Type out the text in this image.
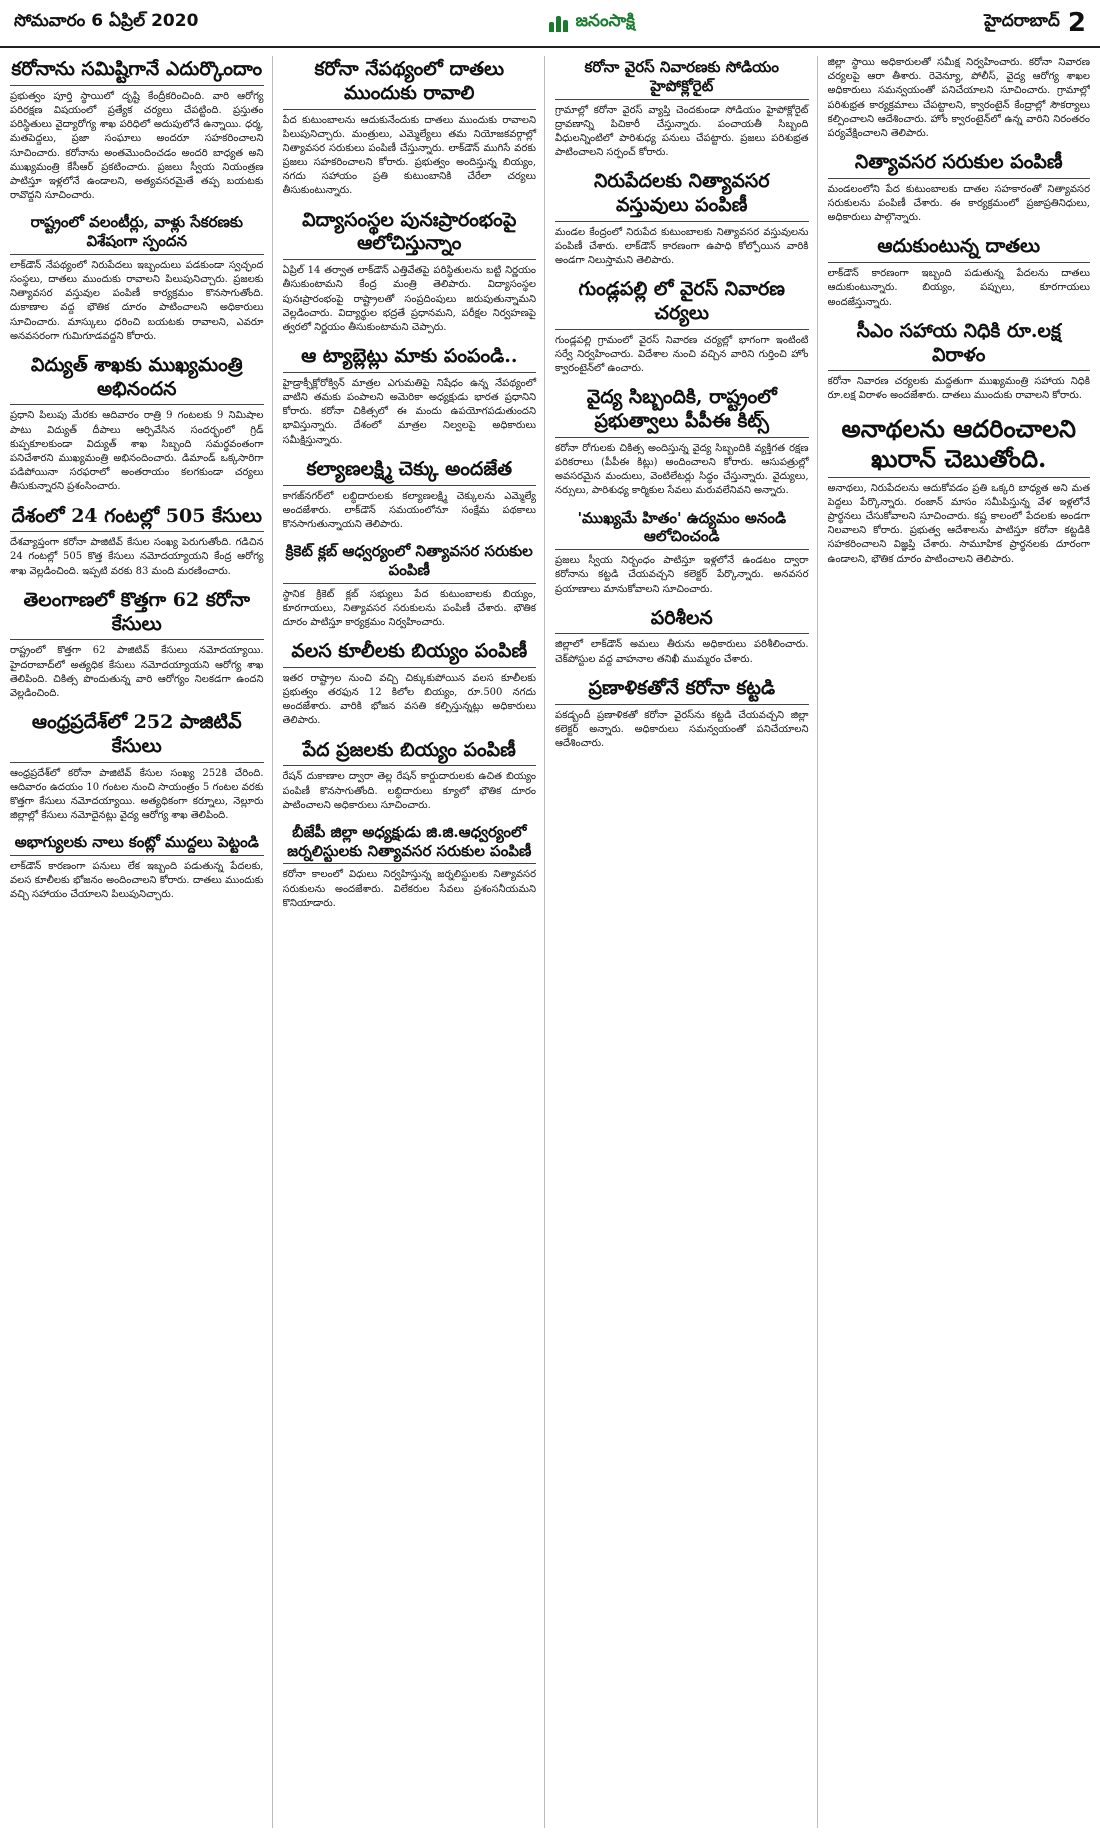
సోమవారం 6 ఏప్రిల్ 2020	జనంసాక్షి	హైదరాబాద్ 2
కరోనాను సమిష్టిగానే ఎదుర్కొందాం

ప్రభుత్వం పూర్తి స్థాయిలో దృష్టి కేంద్రీకరించింది. వారి ఆరోగ్య పరిరక్షణ విషయంలో ప్రత్యేక చర్యలు చేపట్టింది. ప్రస్తుతం పరిస్థితులు వైద్యారోగ్య శాఖ పరిధిలో అదుపులోనే ఉన్నాయి. ధర్మ, మతపెద్దలు, ప్రజా సంఘాలు అందరూ సహకరించాలని సూచించారు. కరోనాను అంతమొందించడం అందరి బాధ్యత అని ముఖ్యమంత్రి కేసీఆర్ ప్రకటించారు. ప్రజలు స్వీయ నియంత్రణ పాటిస్తూ ఇళ్లలోనే ఉండాలని, అత్యవసరమైతే తప్ప బయటకు రావొద్దని సూచించారు.

రాష్ట్రంలో వలంటీర్లు, వాళ్లు సేకరణకు విశేషంగా స్పందన

లాక్‌డౌన్ నేపథ్యంలో నిరుపేదలు ఇబ్బందులు పడకుండా స్వచ్ఛంద సంస్థలు, దాతలు ముందుకు రావాలని పిలుపునిచ్చారు. ప్రజలకు నిత్యావసర వస్తువుల పంపిణీ కార్యక్రమం కొనసాగుతోంది. దుకాణాల వద్ద భౌతిక దూరం పాటించాలని అధికారులు సూచించారు. మాస్కులు ధరించి బయటకు రావాలని, ఎవరూ అనవసరంగా గుమిగూడవద్దని కోరారు.

విద్యుత్ శాఖకు ముఖ్యమంత్రి అభినందన

ప్రధాని పిలుపు మేరకు ఆదివారం రాత్రి 9 గంటలకు 9 నిమిషాల పాటు విద్యుత్ దీపాలు ఆర్పివేసిన సందర్భంలో గ్రిడ్ కుప్పకూలకుండా విద్యుత్ శాఖ సిబ్బంది సమర్థవంతంగా పనిచేశారని ముఖ్యమంత్రి అభినందించారు. డిమాండ్ ఒక్కసారిగా పడిపోయినా సరఫరాలో అంతరాయం కలగకుండా చర్యలు తీసుకున్నారని ప్రశంసించారు.

దేశంలో 24 గంటల్లో 505 కేసులు

దేశవ్యాప్తంగా కరోనా పాజిటివ్ కేసుల సంఖ్య పెరుగుతోంది. గడిచిన 24 గంటల్లో 505 కొత్త కేసులు నమోదయ్యాయని కేంద్ర ఆరోగ్య శాఖ వెల్లడించింది. ఇప్పటి వరకు 83 మంది మరణించారు.

తెలంగాణలో కొత్తగా 62 కరోనా కేసులు

రాష్ట్రంలో కొత్తగా 62 పాజిటివ్ కేసులు నమోదయ్యాయి. హైదరాబాద్‌లో అత్యధిక కేసులు నమోదయ్యాయని ఆరోగ్య శాఖ తెలిపింది. చికిత్స పొందుతున్న వారి ఆరోగ్యం నిలకడగా ఉందని వెల్లడించింది.

ఆంధ్రప్రదేశ్‌లో 252 పాజిటివ్ కేసులు

ఆంధ్రప్రదేశ్‌లో కరోనా పాజిటివ్ కేసుల సంఖ్య 252కి చేరింది. ఆదివారం ఉదయం 10 గంటల నుంచి సాయంత్రం 5 గంటల వరకు కొత్తగా కేసులు నమోదయ్యాయి. అత్యధికంగా కర్నూలు, నెల్లూరు జిల్లాల్లో కేసులు నమోదైనట్లు వైద్య ఆరోగ్య శాఖ తెలిపింది.

అభాగ్యులకు నాలు కంట్లో ముద్దలు పెట్టండి

లాక్‌డౌన్ కారణంగా పనులు లేక ఇబ్బంది పడుతున్న పేదలకు, వలస కూలీలకు భోజనం అందించాలని కోరారు. దాతలు ముందుకు వచ్చి సహాయం చేయాలని పిలుపునిచ్చారు.

కరోనా నేపథ్యంలో దాతలు ముందుకు రావాలి

పేద కుటుంబాలను ఆదుకునేందుకు దాతలు ముందుకు రావాలని పిలుపునిచ్చారు. మంత్రులు, ఎమ్మెల్యేలు తమ నియోజకవర్గాల్లో నిత్యావసర సరుకులు పంపిణీ చేస్తున్నారు. లాక్‌డౌన్ ముగిసే వరకు ప్రజలు సహకరించాలని కోరారు. ప్రభుత్వం అందిస్తున్న బియ్యం, నగదు సహాయం ప్రతి కుటుంబానికి చేరేలా చర్యలు తీసుకుంటున్నారు.

విద్యాసంస్థల పునఃప్రారంభంపై ఆలోచిస్తున్నాం

ఏప్రిల్ 14 తర్వాత లాక్‌డౌన్ ఎత్తివేతపై పరిస్థితులను బట్టి నిర్ణయం తీసుకుంటామని కేంద్ర మంత్రి తెలిపారు. విద్యాసంస్థల పునఃప్రారంభంపై రాష్ట్రాలతో సంప్రదింపులు జరుపుతున్నామని వెల్లడించారు. విద్యార్థుల భద్రతే ప్రధానమని, పరీక్షల నిర్వహణపై త్వరలో నిర్ణయం తీసుకుంటామని చెప్పారు.

ఆ ట్యాబ్లెట్లు మాకు పంపండి..

హైడ్రాక్సీక్లోరోక్విన్ మాత్రల ఎగుమతిపై నిషేధం ఉన్న నేపథ్యంలో వాటిని తమకు పంపాలని అమెరికా అధ్యక్షుడు భారత ప్రధానిని కోరారు. కరోనా చికిత్సలో ఈ మందు ఉపయోగపడుతుందని భావిస్తున్నారు. దేశంలో మాత్రల నిల్వలపై అధికారులు సమీక్షిస్తున్నారు.

కల్యాణలక్ష్మి చెక్కు అందజేత

కాగజ్‌నగర్‌లో లబ్ధిదారులకు కల్యాణలక్ష్మి చెక్కులను ఎమ్మెల్యే అందజేశారు. లాక్‌డౌన్ సమయంలోనూ సంక్షేమ పథకాలు కొనసాగుతున్నాయని తెలిపారు.

క్రికెట్ క్లబ్ ఆధ్వర్యంలో నిత్యావసర సరుకుల పంపిణీ

స్థానిక క్రికెట్ క్లబ్ సభ్యులు పేద కుటుంబాలకు బియ్యం, కూరగాయలు, నిత్యావసర సరుకులను పంపిణీ చేశారు. భౌతిక దూరం పాటిస్తూ కార్యక్రమం నిర్వహించారు.

వలస కూలీలకు బియ్యం పంపిణీ

ఇతర రాష్ట్రాల నుంచి వచ్చి చిక్కుకుపోయిన వలస కూలీలకు ప్రభుత్వం తరఫున 12 కిలోల బియ్యం, రూ.500 నగదు అందజేశారు. వారికి భోజన వసతి కల్పిస్తున్నట్లు అధికారులు తెలిపారు.

పేద ప్రజలకు బియ్యం పంపిణీ

రేషన్ దుకాణాల ద్వారా తెల్ల రేషన్ కార్డుదారులకు ఉచిత బియ్యం పంపిణీ కొనసాగుతోంది. లబ్ధిదారులు క్యూలో భౌతిక దూరం పాటించాలని అధికారులు సూచించారు.

బీజేపీ జిల్లా అధ్యక్షుడు జి.జి.ఆధ్వర్యంలో జర్నలిస్టులకు నిత్యావసర సరుకుల పంపిణీ

కరోనా కాలంలో విధులు నిర్వహిస్తున్న జర్నలిస్టులకు నిత్యావసర సరుకులను అందజేశారు. విలేకరుల సేవలు ప్రశంసనీయమని కొనియాడారు.

కరోనా వైరస్ నివారణకు సోడియం హైపోక్లోరైట్

గ్రామాల్లో కరోనా వైరస్ వ్యాప్తి చెందకుండా సోడియం హైపోక్లోరైట్ ద్రావణాన్ని పిచికారీ చేస్తున్నారు. పంచాయతీ సిబ్బంది వీధులన్నింటిలో పారిశుధ్య పనులు చేపట్టారు. ప్రజలు పరిశుభ్రత పాటించాలని సర్పంచ్ కోరారు.

నిరుపేదలకు నిత్యావసర వస్తువులు పంపిణీ

మండల కేంద్రంలో నిరుపేద కుటుంబాలకు నిత్యావసర వస్తువులను పంపిణీ చేశారు. లాక్‌డౌన్ కారణంగా ఉపాధి కోల్పోయిన వారికి అండగా నిలుస్తామని తెలిపారు.

గుండ్లపల్లి లో వైరస్ నివారణ చర్యలు

గుండ్లపల్లి గ్రామంలో వైరస్ నివారణ చర్యల్లో భాగంగా ఇంటింటి సర్వే నిర్వహించారు. విదేశాల నుంచి వచ్చిన వారిని గుర్తించి హోం క్వారంటైన్‌లో ఉంచారు.

వైద్య సిబ్బందికి, రాష్ట్రంలో ప్రభుత్వాలు పీపీఈ కిట్స్

కరోనా రోగులకు చికిత్స అందిస్తున్న వైద్య సిబ్బందికి వ్యక్తిగత రక్షణ పరికరాలు (పీపీఈ కిట్లు) అందించాలని కోరారు. ఆసుపత్రుల్లో అవసరమైన మందులు, వెంటిలేటర్లు సిద్ధం చేస్తున్నారు. వైద్యులు, నర్సులు, పారిశుధ్య కార్మికుల సేవలు మరువలేనివని అన్నారు.

'ముఖ్యమే హితం' ఉద్యమం అనండి ఆలోచించండి

ప్రజలు స్వీయ నిర్బంధం పాటిస్తూ ఇళ్లలోనే ఉండటం ద్వారా కరోనాను కట్టడి చేయవచ్చని కలెక్టర్ పేర్కొన్నారు. అనవసర ప్రయాణాలు మానుకోవాలని సూచించారు.

పరిశీలన

జిల్లాలో లాక్‌డౌన్ అమలు తీరును అధికారులు పరిశీలించారు. చెక్‌పోస్టుల వద్ద వాహనాల తనిఖీ ముమ్మరం చేశారు.

ప్రణాళికతోనే కరోనా కట్టడి

పకడ్బందీ ప్రణాళికతో కరోనా వైరస్‌ను కట్టడి చేయవచ్చని జిల్లా కలెక్టర్ అన్నారు. అధికారులు సమన్వయంతో పనిచేయాలని ఆదేశించారు.

జిల్లా స్థాయి అధికారులతో సమీక్ష నిర్వహించారు. కరోనా నివారణ చర్యలపై ఆరా తీశారు. రెవెన్యూ, పోలీస్, వైద్య ఆరోగ్య శాఖల అధికారులు సమన్వయంతో పనిచేయాలని సూచించారు. గ్రామాల్లో పరిశుభ్రత కార్యక్రమాలు చేపట్టాలని, క్వారంటైన్ కేంద్రాల్లో సౌకర్యాలు కల్పించాలని ఆదేశించారు. హోం క్వారంటైన్‌లో ఉన్న వారిని నిరంతరం పర్యవేక్షించాలని తెలిపారు.

నిత్యావసర సరుకుల పంపిణీ

మండలంలోని పేద కుటుంబాలకు దాతల సహకారంతో నిత్యావసర సరుకులను పంపిణీ చేశారు. ఈ కార్యక్రమంలో ప్రజాప్రతినిధులు, అధికారులు పాల్గొన్నారు.

ఆదుకుంటున్న దాతలు

లాక్‌డౌన్ కారణంగా ఇబ్బంది పడుతున్న పేదలను దాతలు ఆదుకుంటున్నారు. బియ్యం, పప్పులు, కూరగాయలు అందజేస్తున్నారు.

సీఎం సహాయ నిధికి రూ.లక్ష విరాళం

కరోనా నివారణ చర్యలకు మద్దతుగా ముఖ్యమంత్రి సహాయ నిధికి రూ.లక్ష విరాళం అందజేశారు. దాతలు ముందుకు రావాలని కోరారు.

అనాథలను ఆదరించాలని ఖురాన్ చెబుతోంది.

అనాథలు, నిరుపేదలను ఆదుకోవడం ప్రతి ఒక్కరి బాధ్యత అని మత పెద్దలు పేర్కొన్నారు. రంజాన్ మాసం సమీపిస్తున్న వేళ ఇళ్లలోనే ప్రార్థనలు చేసుకోవాలని సూచించారు. కష్ట కాలంలో పేదలకు అండగా నిలవాలని కోరారు. ప్రభుత్వ ఆదేశాలను పాటిస్తూ కరోనా కట్టడికి సహకరించాలని విజ్ఞప్తి చేశారు. సామూహిక ప్రార్థనలకు దూరంగా ఉండాలని, భౌతిక దూరం పాటించాలని తెలిపారు.
